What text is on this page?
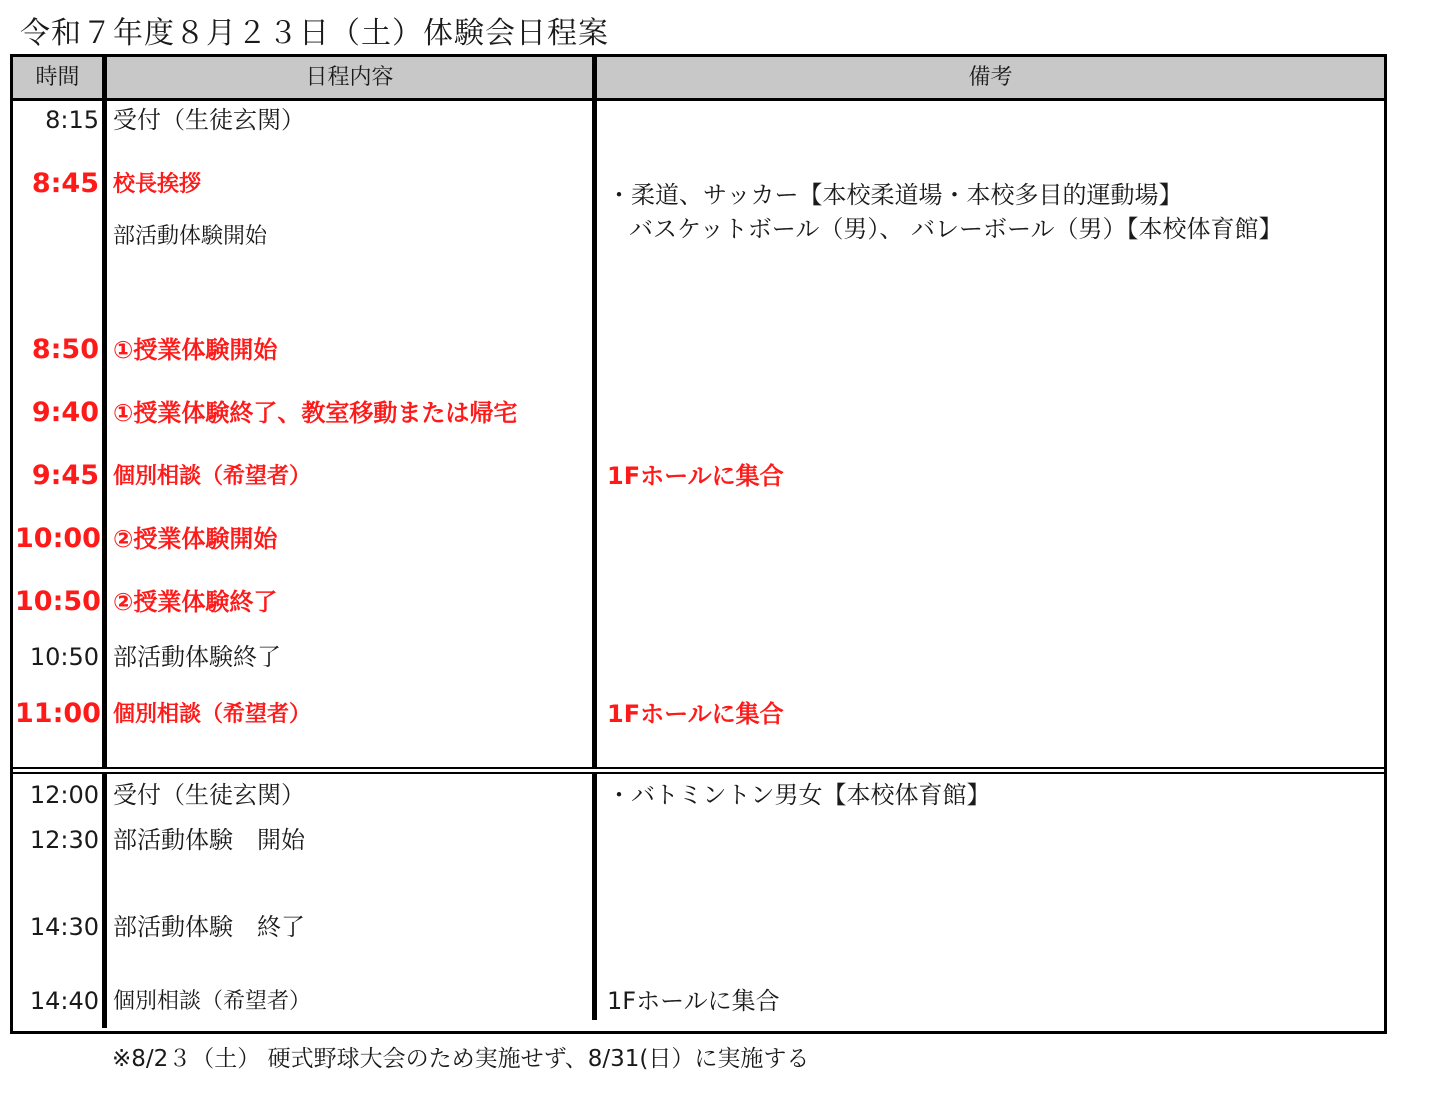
令和７年度８月２３日（土）体験会日程案
時間	日程内容	備考
8:15 受付（生徒玄関）
8:45 校長挨拶
部活動体験開始
8:50 ①授業体験開始
9:40 ①授業体験終了、教室移動または帰宅
9:45 個別相談（希望者）
10:00 ②授業体験開始
10:50 ②授業体験終了
10:50 部活動体験終了
11:00 個別相談（希望者）
・柔道、サッカー【本校柔道場・本校多目的運動場】
バスケットボール（男）、 バレーボール（男）【本校体育館】
1Fホールに集合
1Fホールに集合
12:00 受付（生徒玄関）
12:30 部活動体験　開始
14:30 部活動体験　終了
14:40 個別相談（希望者）
・バトミントン男女【本校体育館】
1Fホールに集合
※8/2３（土） 硬式野球大会のため実施せず、8/31(日）に実施する
